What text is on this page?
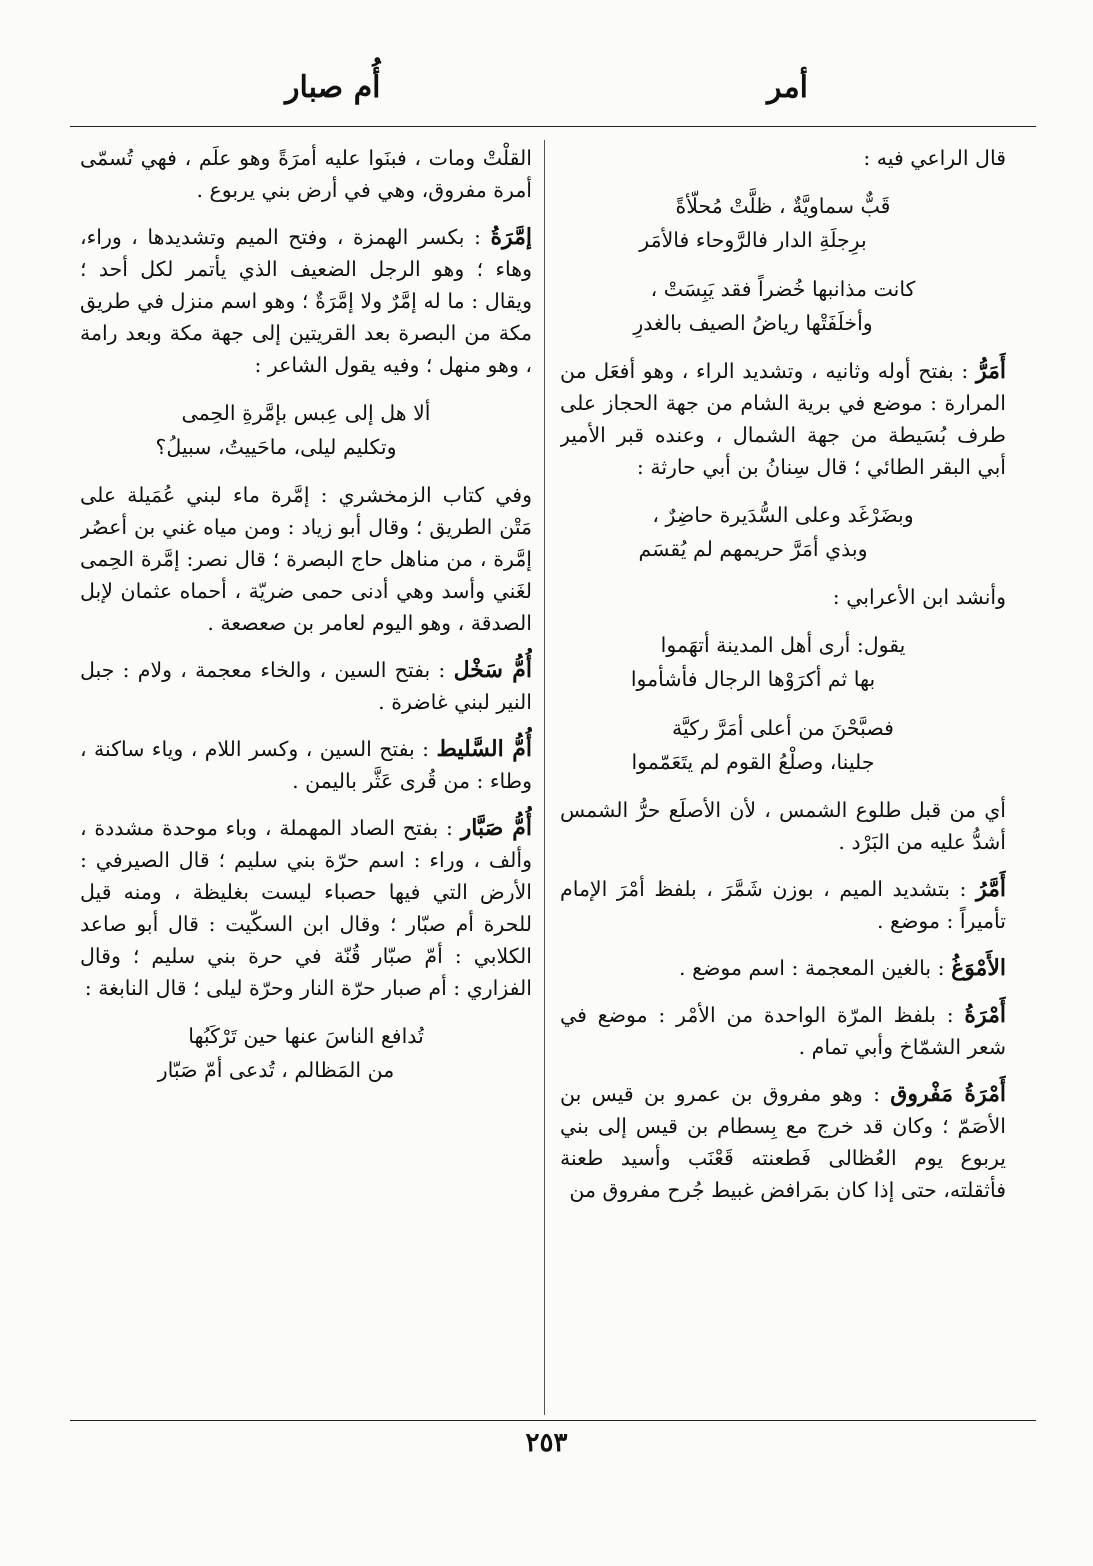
أمر
أُم صبار

قال الراعي فيه :

قَبٌّ سماويَّةٌ ، ظلَّتْ مُحلّأةً
برِجلَةِ الدار فالرَّوحاء فالأمَر
كانت مذانبها خُضراً فقد يَبِسَتْ ،
وأخلَفَتْها رياضُ الصيف بالغدرِ

أَمَرُّ : بفتح أوله وثانيه ، وتشديد الراء ، وهو أفعَل من المرارة : موضع في برية الشام من جهة الحجاز على طرف بُسَيطة من جهة الشمال ، وعنده قبر الأمير أبي البقر الطائي ؛ قال سِنانُ بن أبي حارثة :

وبضَرْغَد وعلى السُّدَيرة حاضِرٌ ،
وبذي أمَرَّ حريمهم لم يُقسَم

وأنشد ابن الأعرابي :

يقول: أرى أهل المدينة أتهَموا
بها ثم أكرَوْها الرجال فأشأموا
فصبَّحْنَ من أعلى أمَرَّ ركيَّة
جلينا، وصلْعُ القوم لم يتَعَمّموا

أي من قبل طلوع الشمس ، لأن الأصلَع حرُّ الشمس أشدُّ عليه من البَرْد .

أَمَّرُ : بتشديد الميم ، بوزن شَمَّرَ ، بلفظ أمْرَ الإمام تأميراً : موضع .

الأَمْوَغُ : بالغين المعجمة : اسم موضع .

أَمْرَةُ : بلفظ المرّة الواحدة من الأمْر : موضع في شعر الشمّاخ وأبي تمام .

أَمْرَةُ مَفْروق : وهو مفروق بن عمرو بن قيس بن الأصَمّ ؛ وكان قد خرج مع بِسطام بن قيس إلى بني يربوع يوم العُظالى فَطعنته قَعْنَب وأسيد طعنة فأثقلته، حتى إذا كان بمَرافض غبيط جُرح مفروق من

القلْتْ ومات ، فبنَوا عليه أمرَةً وهو علَم ، فهي تُسمّى أمرة مفروق، وهي في أرض بني يربوع .

إمَّرَةُ : بكسر الهمزة ، وفتح الميم وتشديدها ، وراء، وهاء ؛ وهو الرجل الضعيف الذي يأتمر لكل أحد ؛ ويقال : ما له إمَّرٌ ولا إمَّرَةٌ ؛ وهو اسم منزل في طريق مكة من البصرة بعد القريتين إلى جهة مكة وبعد رامة ، وهو منهل ؛ وفيه يقول الشاعر :

ألا هل إلى عِبس بإمَّرةِ الحِمى
وتكليم ليلى، ماحَييتُ، سبيلُ؟

وفي كتاب الزمخشري : إمَّرة ماء لبني عُمَيلة على مَتْن الطريق ؛ وقال أبو زياد : ومن مياه غني بن أعصُر إمَّرة ، من مناهل حاج البصرة ؛ قال نصر: إمَّرة الحِمى لغَني وأسد وهي أدنى حمى ضريّة ، أحماه عثمان لإبل الصدقة ، وهو اليوم لعامر بن صعصعة .

أُمُّ سَخْل : بفتح السين ، والخاء معجمة ، ولام : جبل النير لبني غاضرة .

أُمُّ السَّليط : بفتح السين ، وكسر اللام ، وياء ساكنة ، وطاء : من قُرى عَثَّر باليمن .

أُمُّ صَبَّار : بفتح الصاد المهملة ، وباء موحدة مشددة ، وألف ، وراء : اسم حرّة بني سليم ؛ قال الصيرفي : الأرض التي فيها حصباء ليست بغليظة ، ومنه قيل للحرة أم صبّار ؛ وقال ابن السكّيت : قال أبو صاعد الكلابي : أمّ صبّار قُنّة في حرة بني سليم ؛ وقال الفزاري : أم صبار حرّة النار وحرّة ليلى ؛ قال النابغة :

تُدافع الناسَ عنها حين تَرْكَبُها
من المَظالم ، تُدعى أمّ صَبّار
٢٥٣
